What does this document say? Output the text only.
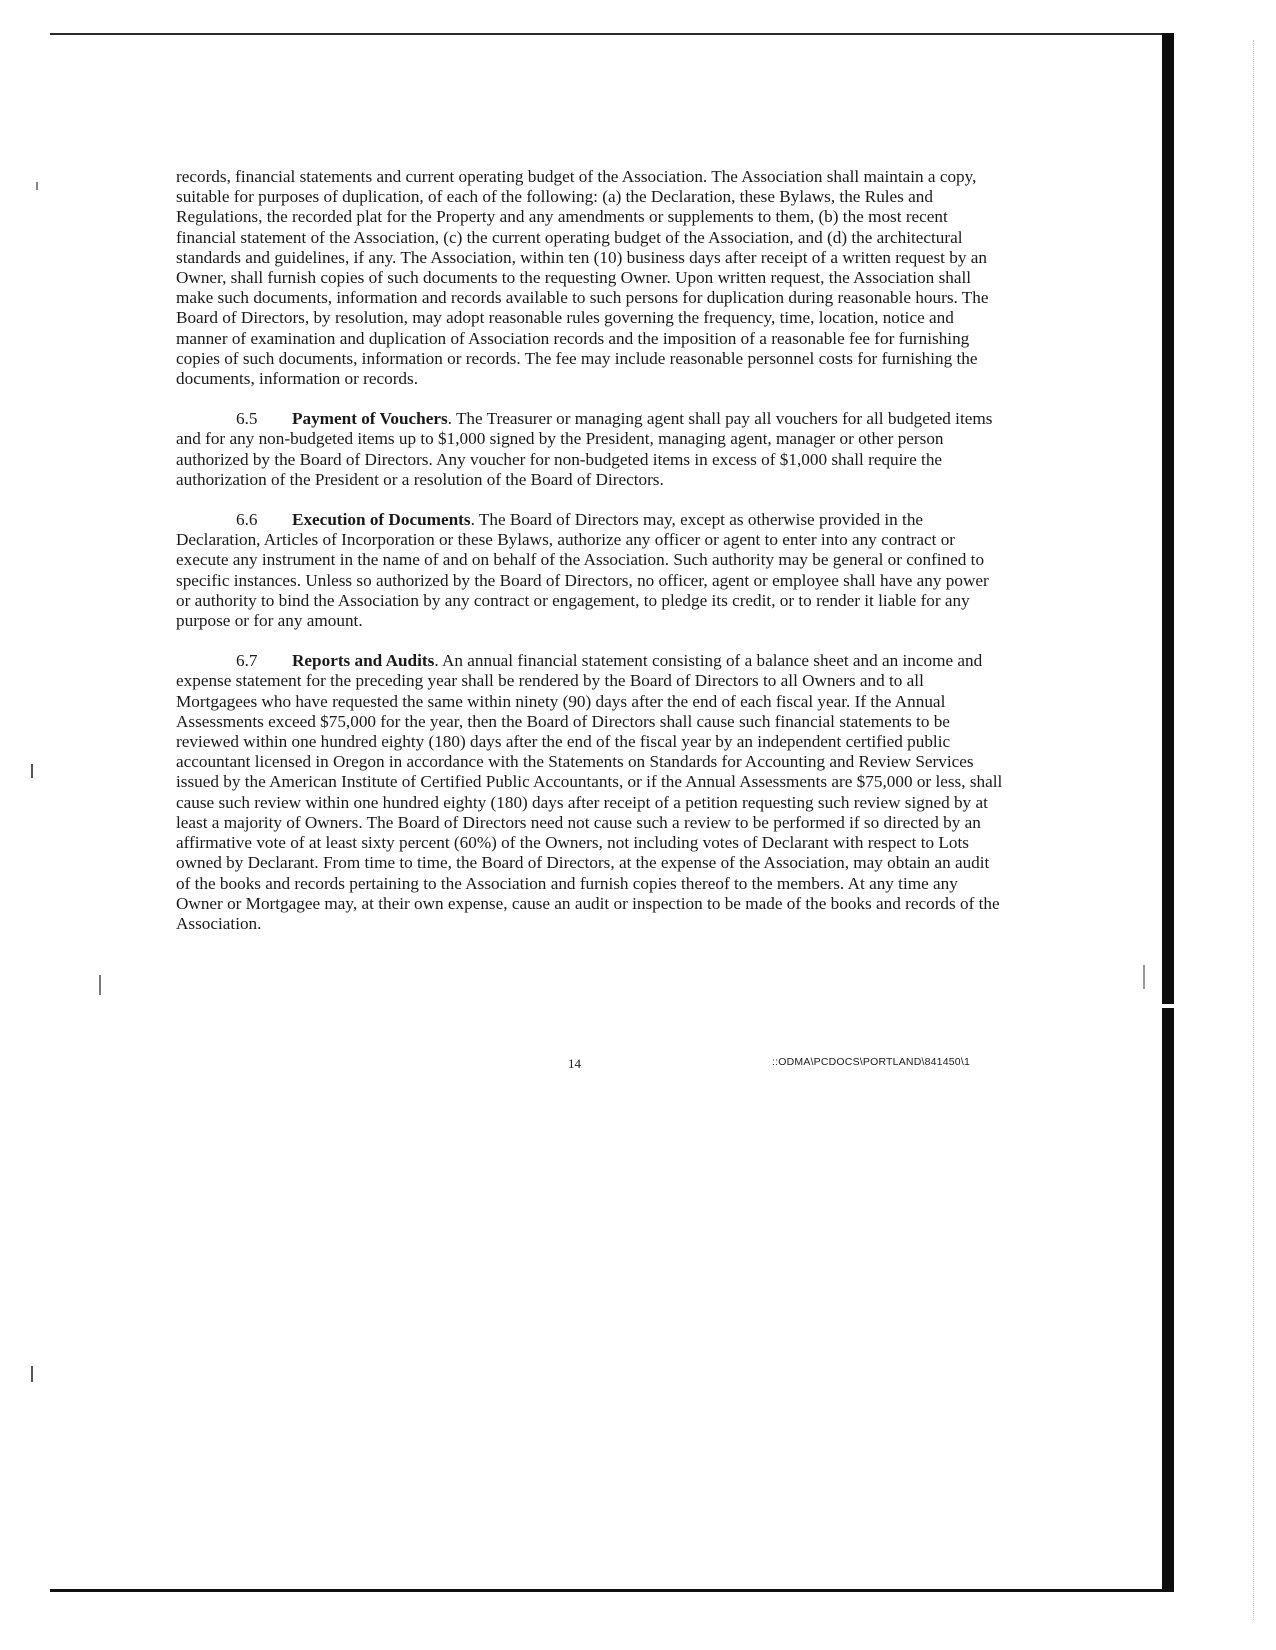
records, financial statements and current operating budget of the Association. The Association shall maintain a copy, suitable for purposes of duplication, of each of the following: (a) the Declaration, these Bylaws, the Rules and Regulations, the recorded plat for the Property and any amendments or supplements to them, (b) the most recent financial statement of the Association, (c) the current operating budget of the Association, and (d) the architectural standards and guidelines, if any. The Association, within ten (10) business days after receipt of a written request by an Owner, shall furnish copies of such documents to the requesting Owner. Upon written request, the Association shall make such documents, information and records available to such persons for duplication during reasonable hours. The Board of Directors, by resolution, may adopt reasonable rules governing the frequency, time, location, notice and manner of examination and duplication of Association records and the imposition of a reasonable fee for furnishing copies of such documents, information or records. The fee may include reasonable personnel costs for furnishing the documents, information or records.

6.5 Payment of Vouchers. The Treasurer or managing agent shall pay all vouchers for all budgeted items and for any non-budgeted items up to $1,000 signed by the President, managing agent, manager or other person authorized by the Board of Directors. Any voucher for non-budgeted items in excess of $1,000 shall require the authorization of the President or a resolution of the Board of Directors.

6.6 Execution of Documents. The Board of Directors may, except as otherwise provided in the Declaration, Articles of Incorporation or these Bylaws, authorize any officer or agent to enter into any contract or execute any instrument in the name of and on behalf of the Association. Such authority may be general or confined to specific instances. Unless so authorized by the Board of Directors, no officer, agent or employee shall have any power or authority to bind the Association by any contract or engagement, to pledge its credit, or to render it liable for any purpose or for any amount.

6.7 Reports and Audits. An annual financial statement consisting of a balance sheet and an income and expense statement for the preceding year shall be rendered by the Board of Directors to all Owners and to all Mortgagees who have requested the same within ninety (90) days after the end of each fiscal year. If the Annual Assessments exceed $75,000 for the year, then the Board of Directors shall cause such financial statements to be reviewed within one hundred eighty (180) days after the end of the fiscal year by an independent certified public accountant licensed in Oregon in accordance with the Statements on Standards for Accounting and Review Services issued by the American Institute of Certified Public Accountants, or if the Annual Assessments are $75,000 or less, shall cause such review within one hundred eighty (180) days after receipt of a petition requesting such review signed by at least a majority of Owners. The Board of Directors need not cause such a review to be performed if so directed by an affirmative vote of at least sixty percent (60%) of the Owners, not including votes of Declarant with respect to Lots owned by Declarant. From time to time, the Board of Directors, at the expense of the Association, may obtain an audit of the books and records pertaining to the Association and furnish copies thereof to the members. At any time any Owner or Mortgagee may, at their own expense, cause an audit or inspection to be made of the books and records of the Association.

14	::ODMA\PCDOCS\PORTLAND\841450\1
